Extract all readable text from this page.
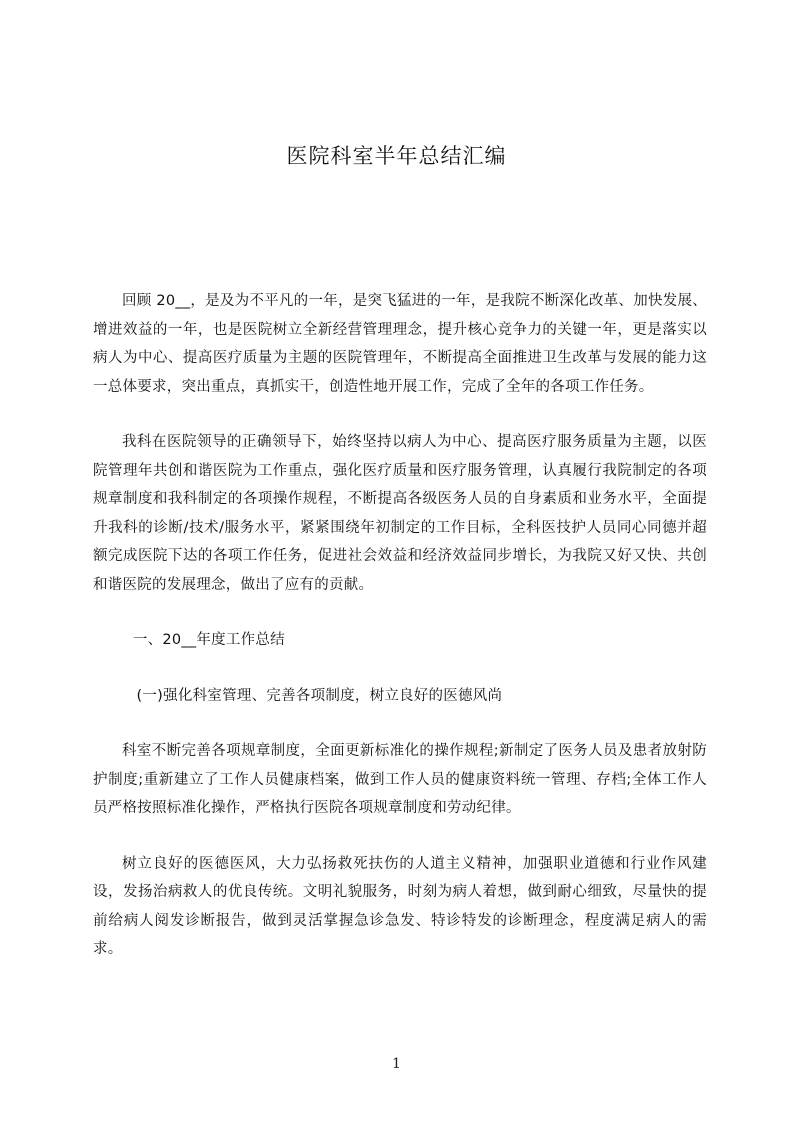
医院科室半年总结汇编

回顾 20__，是及为不平凡的一年，是突飞猛进的一年，是我院不断深化改革、加快发展、增进效益的一年，也是医院树立全新经营管理理念，提升核心竞争力的关键一年，更是落实以病人为中心、提高医疗质量为主题的医院管理年，不断提高全面推进卫生改革与发展的能力这一总体要求，突出重点，真抓实干，创造性地开展工作，完成了全年的各项工作任务。

我科在医院领导的正确领导下，始终坚持以病人为中心、提高医疗服务质量为主题，以医院管理年共创和谐医院为工作重点，强化医疗质量和医疗服务管理，认真履行我院制定的各项规章制度和我科制定的各项操作规程，不断提高各级医务人员的自身素质和业务水平，全面提升我科的诊断/技术/服务水平，紧紧围绕年初制定的工作目标，全科医技护人员同心同德并超额完成医院下达的各项工作任务，促进社会效益和经济效益同步增长，为我院又好又快、共创和谐医院的发展理念，做出了应有的贡献。

一、20__年度工作总结

(一)强化科室管理、完善各项制度，树立良好的医德风尚

科室不断完善各项规章制度，全面更新标准化的操作规程;新制定了医务人员及患者放射防护制度;重新建立了工作人员健康档案，做到工作人员的健康资料统一管理、存档;全体工作人员严格按照标准化操作，严格执行医院各项规章制度和劳动纪律。

树立良好的医德医风，大力弘扬救死扶伤的人道主义精神，加强职业道德和行业作风建设，发扬治病救人的优良传统。文明礼貌服务，时刻为病人着想，做到耐心细致，尽量快的提前给病人阅发诊断报告，做到灵活掌握急诊急发、特诊特发的诊断理念，程度满足病人的需求。

1
